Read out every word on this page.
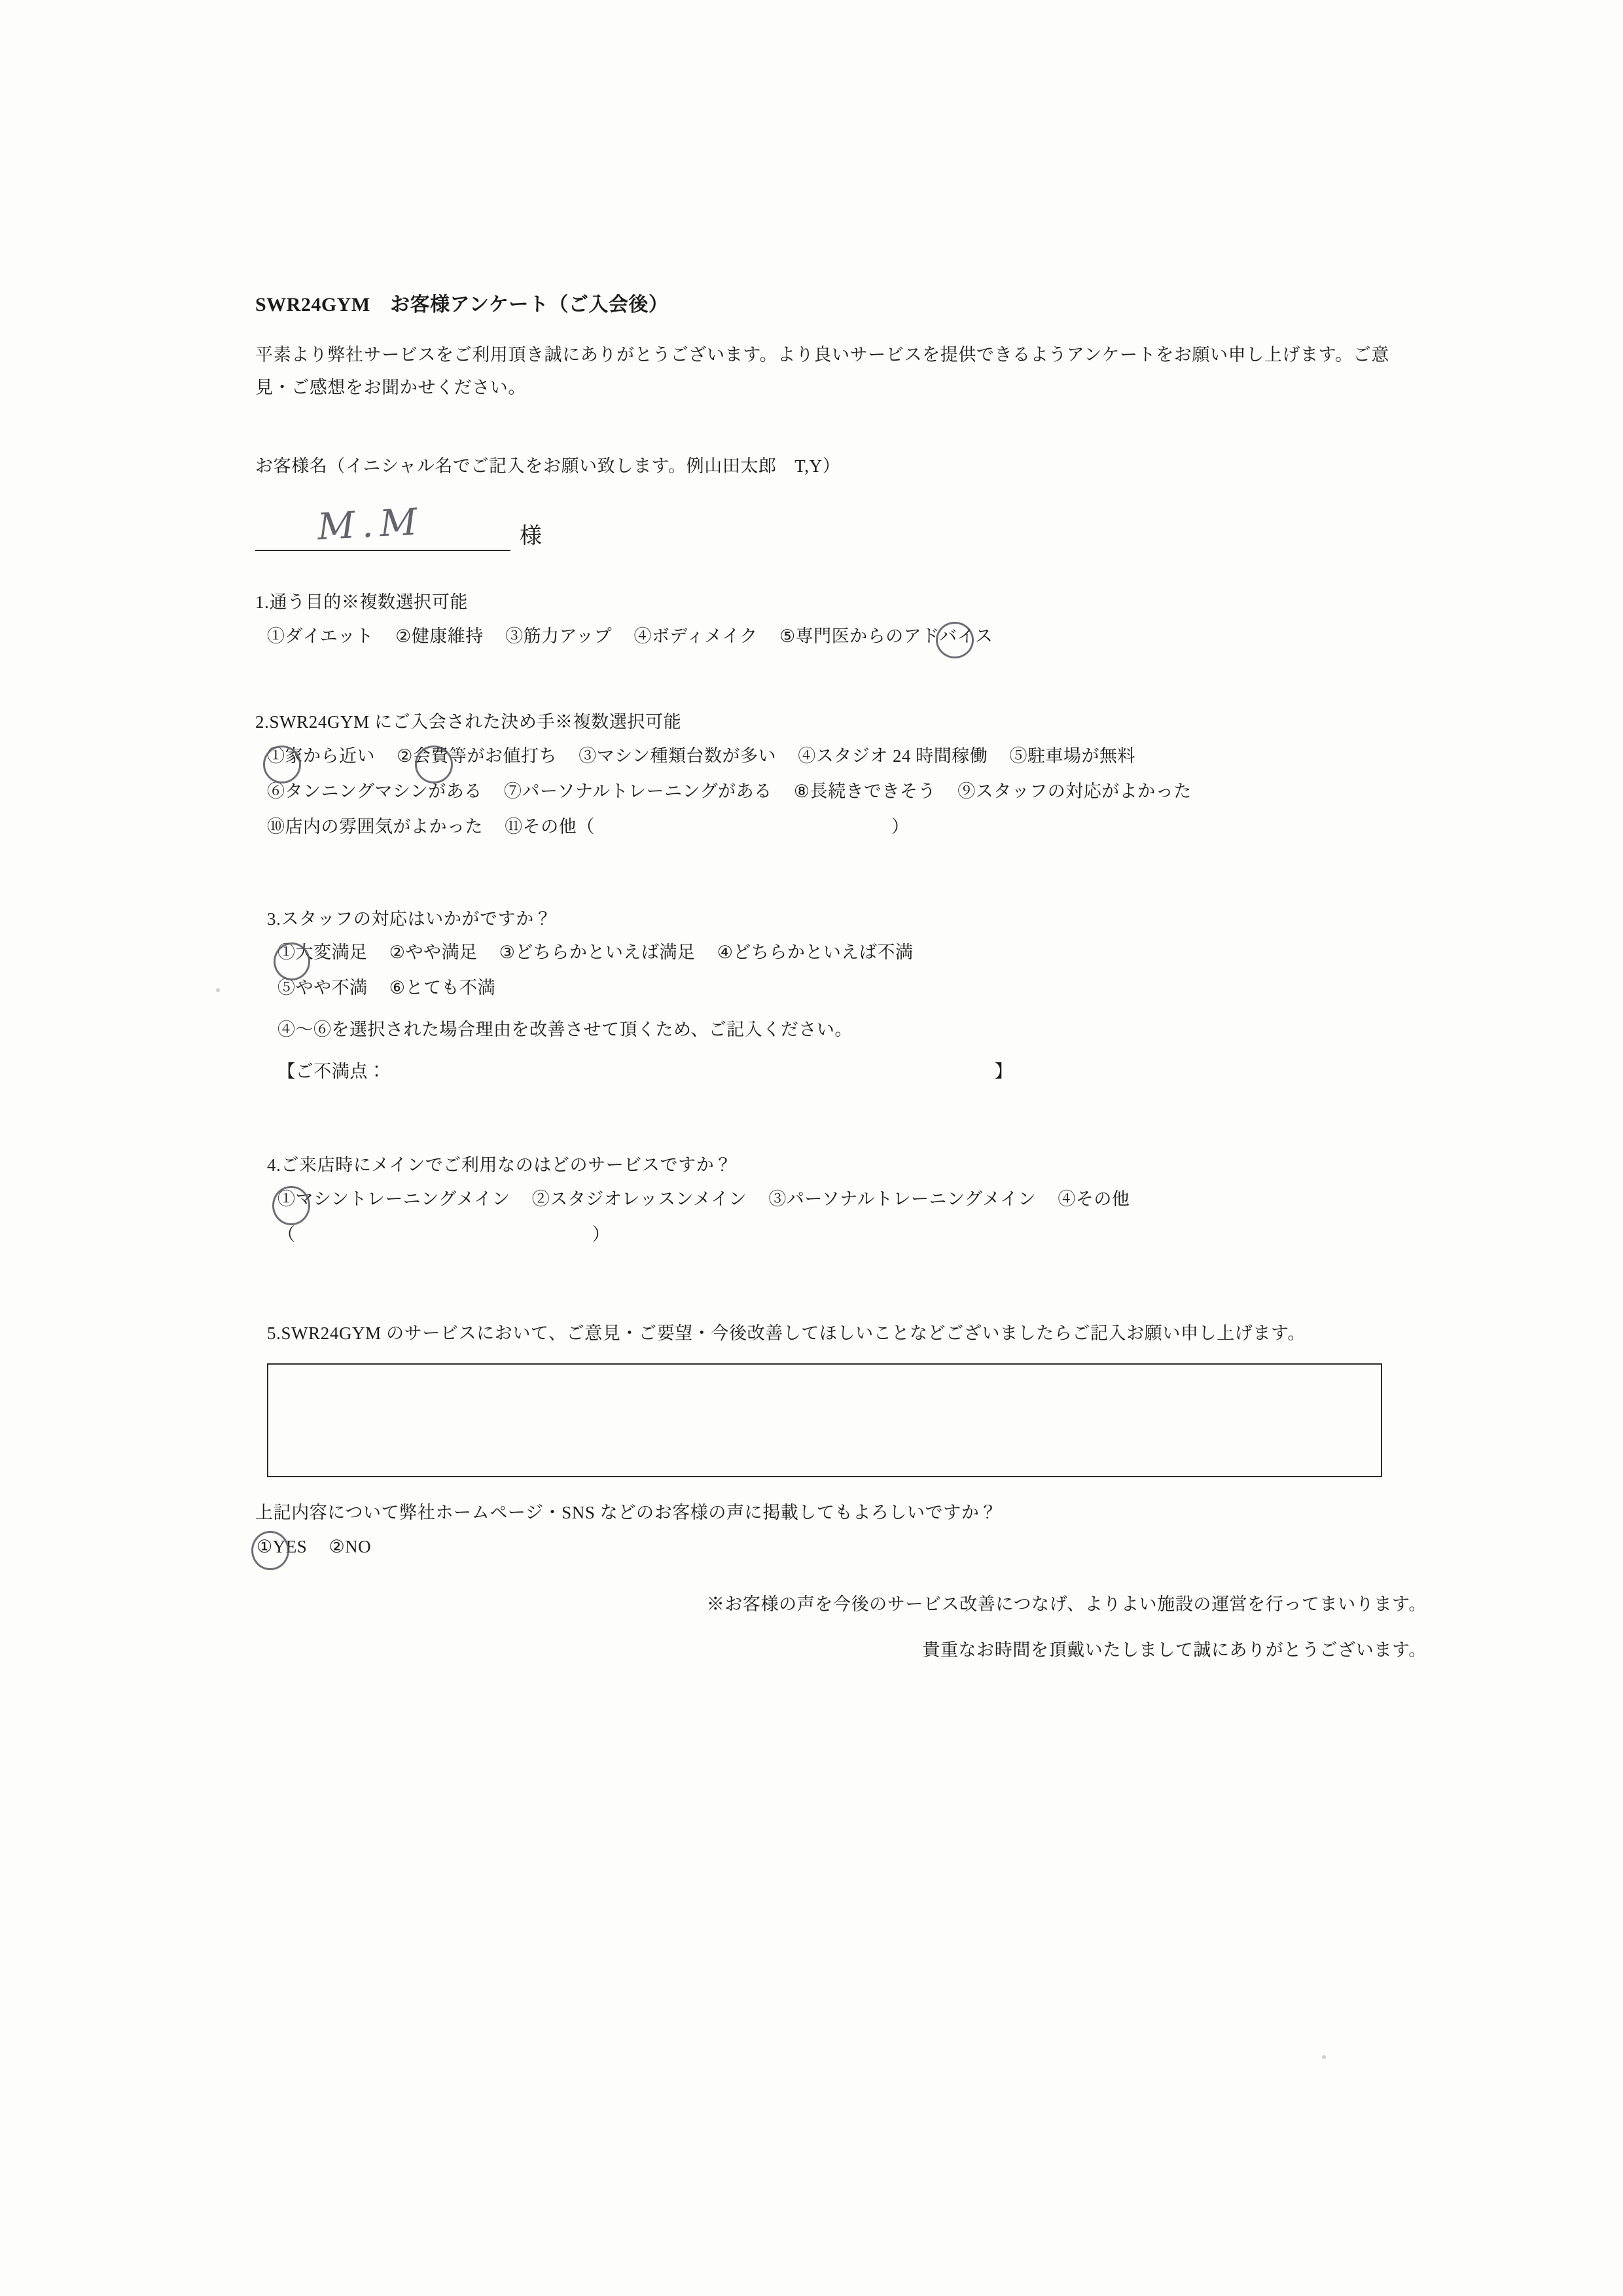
SWR24GYM　お客様アンケート（ご入会後）
平素より弊社サービスをご利用頂き誠にありがとうございます。より良いサービスを提供できるようアンケートをお願い申し上げます。ご意見・ご感想をお聞かせください。
お客様名（イニシャル名でご記入をお願い致します。例山田太郎　T,Y）
M.M	様
1.通う目的※複数選択可能
①ダイエット ②健康維持 ③筋力アップ ④ボディメイク ⑤専門医からのアドバイス
2.SWR24GYM にご入会された決め手※複数選択可能
①家から近い ②会費等がお値打ち ③マシン種類台数が多い ④スタジオ 24 時間稼働 ⑤駐車場が無料
⑥タンニングマシンがある ⑦パーソナルトレーニングがある ⑧長続きできそう ⑨スタッフの対応がよかった
⑩店内の雰囲気がよかった ⑪その他（	）
3.スタッフの対応はいかがですか？
①大変満足 ②やや満足 ③どちらかといえば満足 ④どちらかといえば不満
⑤やや不満 ⑥とても不満
④〜⑥を選択された場合理由を改善させて頂くため、ご記入ください。
【ご不満点：	】
4.ご来店時にメインでご利用なのはどのサービスですか？
①マシントレーニングメイン ②スタジオレッスンメイン ③パーソナルトレーニングメイン ④その他
（	）
5.SWR24GYM のサービスにおいて、ご意見・ご要望・今後改善してほしいことなどございましたらご記入お願い申し上げます。
上記内容について弊社ホームページ・SNS などのお客様の声に掲載してもよろしいですか？
①YES ②NO
※お客様の声を今後のサービス改善につなげ、よりよい施設の運営を行ってまいります。
貴重なお時間を頂戴いたしまして誠にありがとうございます。
